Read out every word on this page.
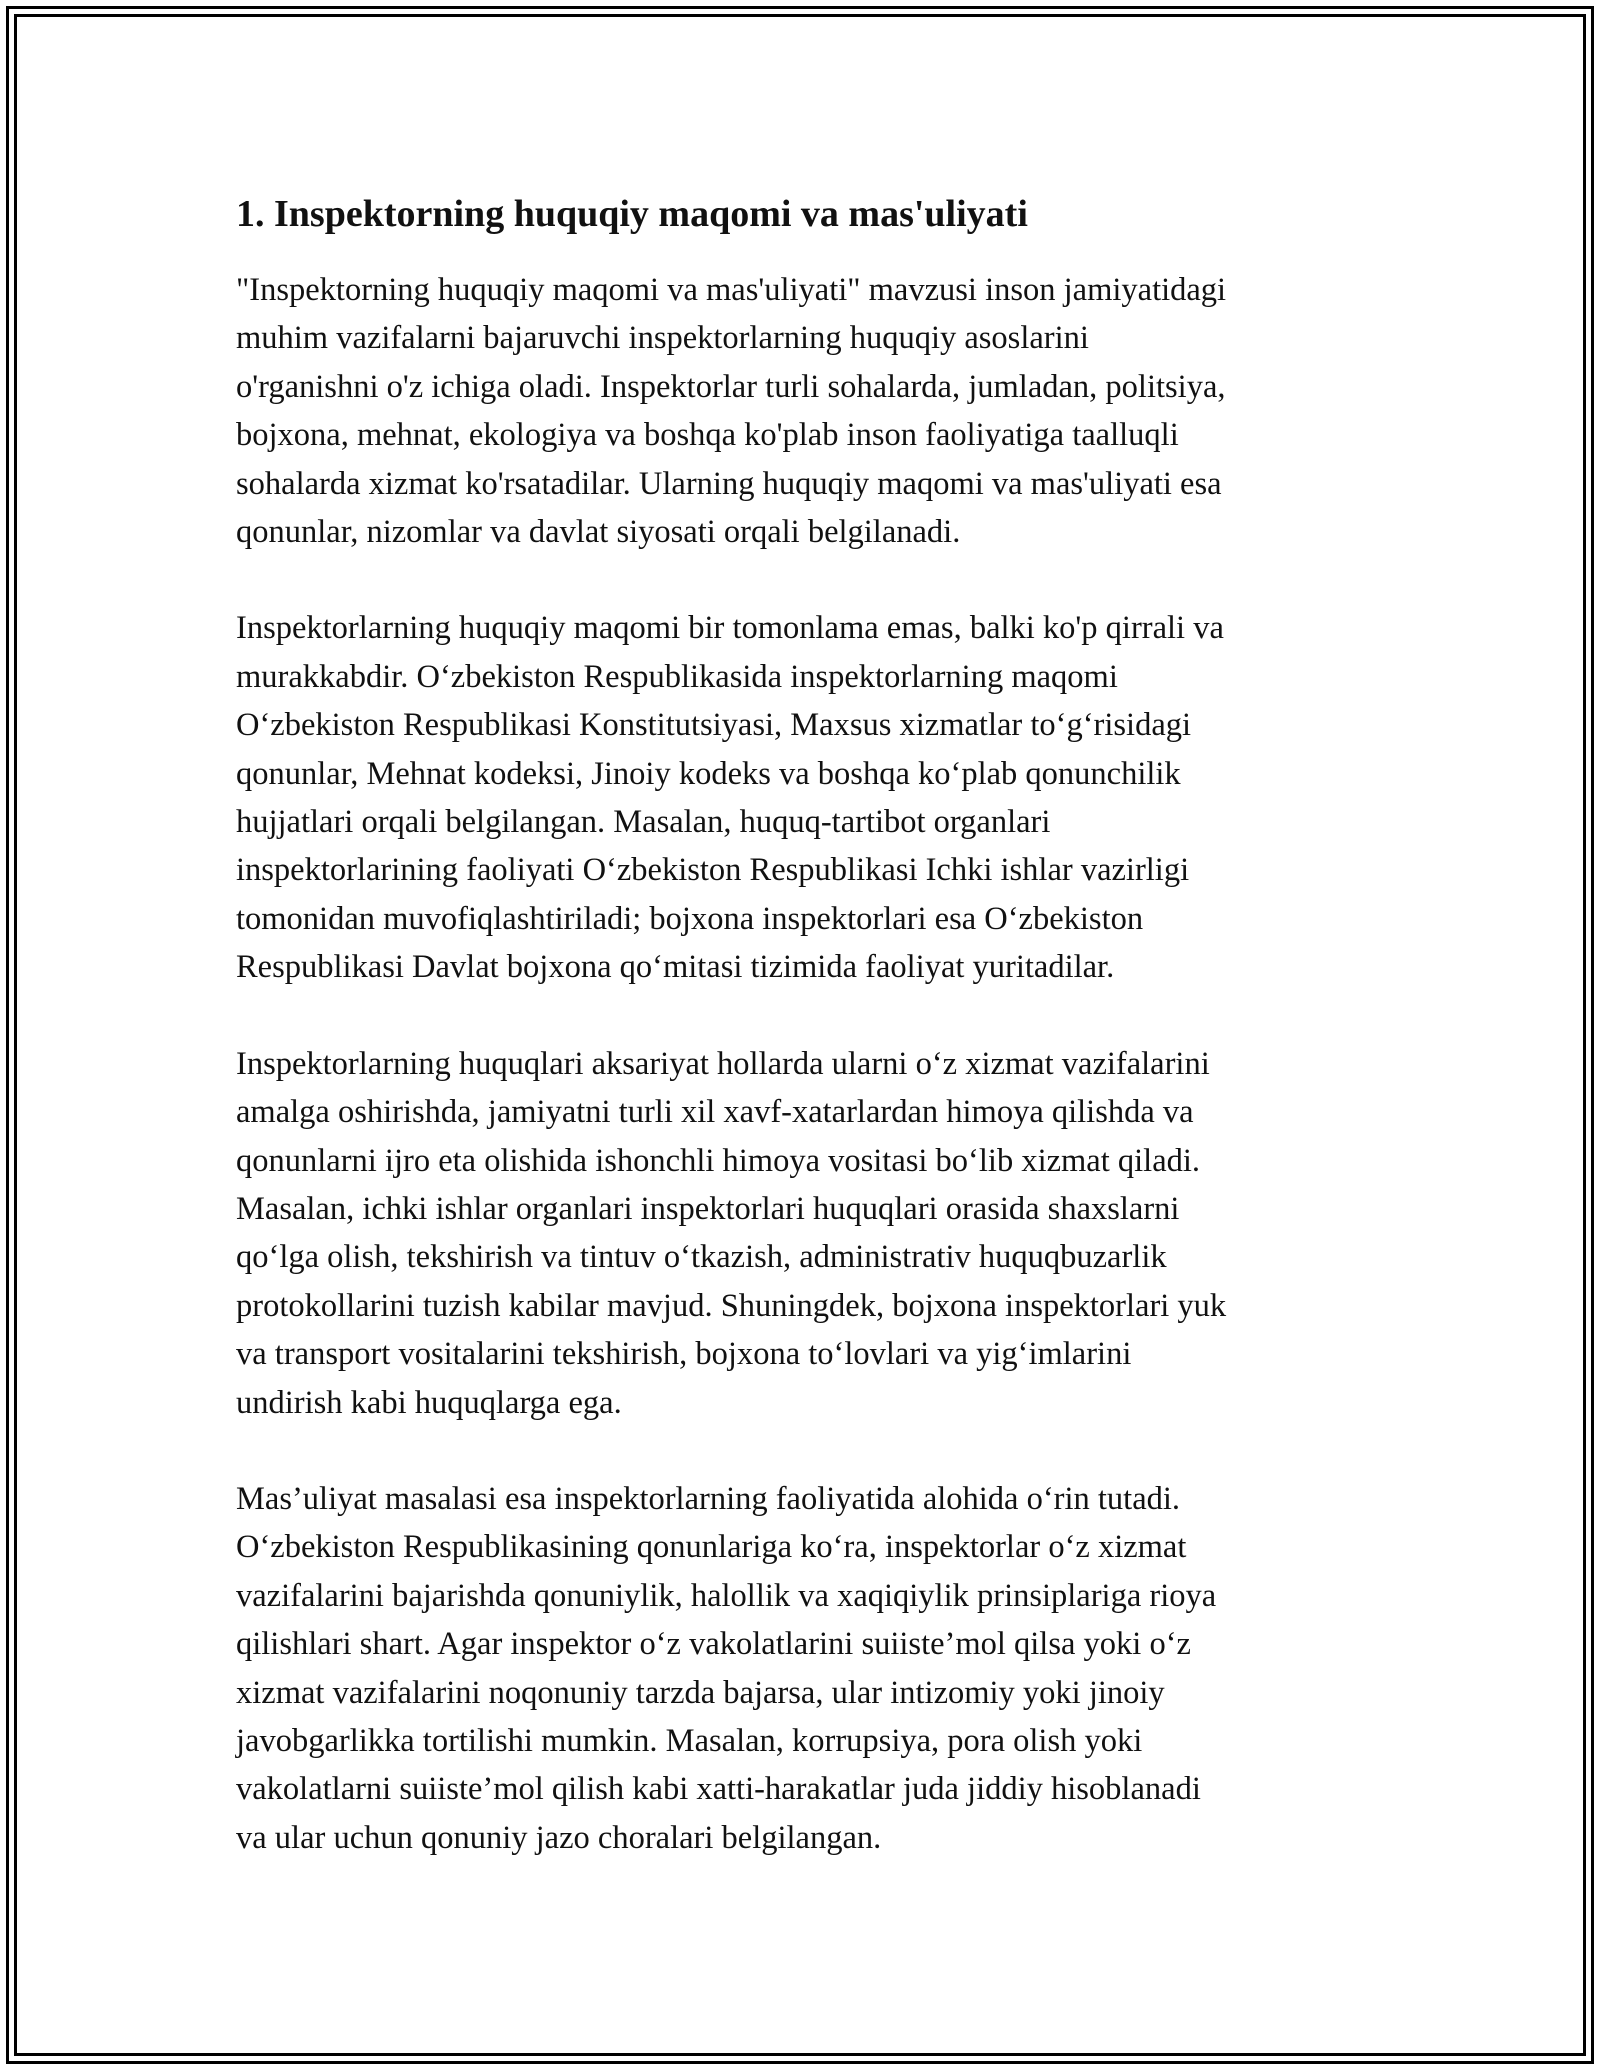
1. Inspektorning huquqiy maqomi va mas'uliyati

"Inspektorning huquqiy maqomi va mas'uliyati" mavzusi inson jamiyatidagi
muhim vazifalarni bajaruvchi inspektorlarning huquqiy asoslarini
o'rganishni o'z ichiga oladi. Inspektorlar turli sohalarda, jumladan, politsiya,
bojxona, mehnat, ekologiya va boshqa ko'plab inson faoliyatiga taalluqli
sohalarda xizmat ko'rsatadilar. Ularning huquqiy maqomi va mas'uliyati esa
qonunlar, nizomlar va davlat siyosati orqali belgilanadi.

Inspektorlarning huquqiy maqomi bir tomonlama emas, balki ko'p qirrali va
murakkabdir. O‘zbekiston Respublikasida inspektorlarning maqomi
O‘zbekiston Respublikasi Konstitutsiyasi, Maxsus xizmatlar to‘g‘risidagi
qonunlar, Mehnat kodeksi, Jinoiy kodeks va boshqa ko‘plab qonunchilik
hujjatlari orqali belgilangan. Masalan, huquq-tartibot organlari
inspektorlarining faoliyati O‘zbekiston Respublikasi Ichki ishlar vazirligi
tomonidan muvofiqlashtiriladi; bojxona inspektorlari esa O‘zbekiston
Respublikasi Davlat bojxona qo‘mitasi tizimida faoliyat yuritadilar.

Inspektorlarning huquqlari aksariyat hollarda ularni o‘z xizmat vazifalarini
amalga oshirishda, jamiyatni turli xil xavf-xatarlardan himoya qilishda va
qonunlarni ijro eta olishida ishonchli himoya vositasi bo‘lib xizmat qiladi.
Masalan, ichki ishlar organlari inspektorlari huquqlari orasida shaxslarni
qo‘lga olish, tekshirish va tintuv o‘tkazish, administrativ huquqbuzarlik
protokollarini tuzish kabilar mavjud. Shuningdek, bojxona inspektorlari yuk
va transport vositalarini tekshirish, bojxona to‘lovlari va yig‘imlarini
undirish kabi huquqlarga ega.

Mas’uliyat masalasi esa inspektorlarning faoliyatida alohida o‘rin tutadi.
O‘zbekiston Respublikasining qonunlariga ko‘ra, inspektorlar o‘z xizmat
vazifalarini bajarishda qonuniylik, halollik va xaqiqiylik prinsiplariga rioya
qilishlari shart. Agar inspektor o‘z vakolatlarini suiiste’mol qilsa yoki o‘z
xizmat vazifalarini noqonuniy tarzda bajarsa, ular intizomiy yoki jinoiy
javobgarlikka tortilishi mumkin. Masalan, korrupsiya, pora olish yoki
vakolatlarni suiiste’mol qilish kabi xatti-harakatlar juda jiddiy hisoblanadi
va ular uchun qonuniy jazo choralari belgilangan.
